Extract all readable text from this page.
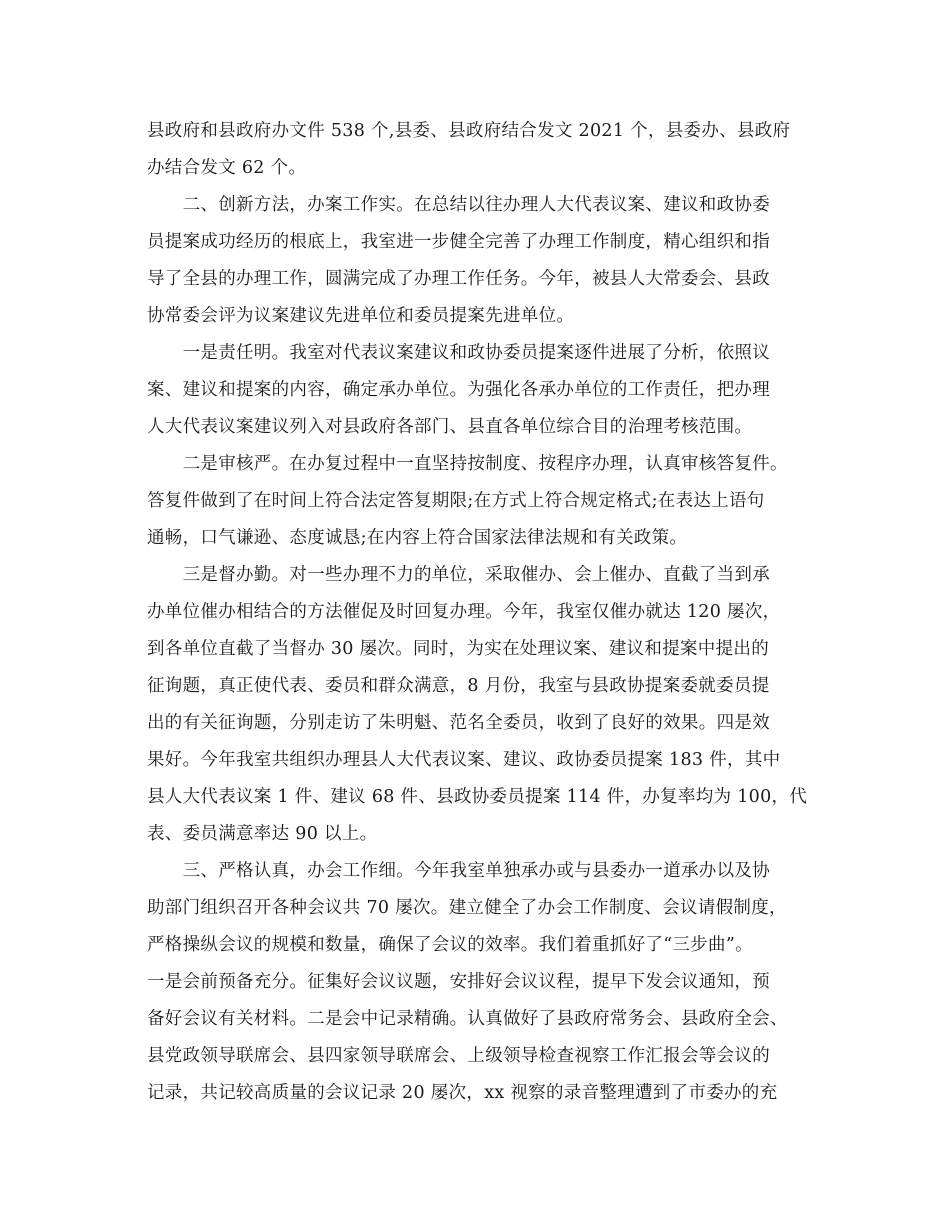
县政府和县政府办文件 538 个,县委、县政府结合发文 2021 个，县委办、县政府
办结合发文 62 个。
　　二、创新方法，办案工作实。在总结以往办理人大代表议案、建议和政协委
员提案成功经历的根底上，我室进一步健全完善了办理工作制度，精心组织和指
导了全县的办理工作，圆满完成了办理工作任务。今年，被县人大常委会、县政
协常委会评为议案建议先进单位和委员提案先进单位。
　　一是责任明。我室对代表议案建议和政协委员提案逐件进展了分析，依照议
案、建议和提案的内容，确定承办单位。为强化各承办单位的工作责任，把办理
人大代表议案建议列入对县政府各部门、县直各单位综合目的治理考核范围。
　　二是审核严。在办复过程中一直坚持按制度、按程序办理，认真审核答复件。
答复件做到了在时间上符合法定答复期限;在方式上符合规定格式;在表达上语句
通畅，口气谦逊、态度诚恳;在内容上符合国家法律法规和有关政策。
　　三是督办勤。对一些办理不力的单位，采取催办、会上催办、直截了当到承
办单位催办相结合的方法催促及时回复办理。今年，我室仅催办就达 120 屡次，
到各单位直截了当督办 30 屡次。同时，为实在处理议案、建议和提案中提出的
征询题，真正使代表、委员和群众满意，8 月份，我室与县政协提案委就委员提
出的有关征询题，分别走访了朱明魁、范名全委员，收到了良好的效果。四是效
果好。今年我室共组织办理县人大代表议案、建议、政协委员提案 183 件，其中
县人大代表议案 1 件、建议 68 件、县政协委员提案 114 件，办复率均为 100，代
表、委员满意率达 90 以上。
　　三、严格认真，办会工作细。今年我室单独承办或与县委办一道承办以及协
助部门组织召开各种会议共 70 屡次。建立健全了办会工作制度、会议请假制度，
严格操纵会议的规模和数量，确保了会议的效率。我们着重抓好了“三步曲”。
一是会前预备充分。征集好会议议题，安排好会议议程，提早下发会议通知，预
备好会议有关材料。二是会中记录精确。认真做好了县政府常务会、县政府全会、
县党政领导联席会、县四家领导联席会、上级领导检查视察工作汇报会等会议的
记录，共记较高质量的会议记录 20 屡次，xx 视察的录音整理遭到了市委办的充
